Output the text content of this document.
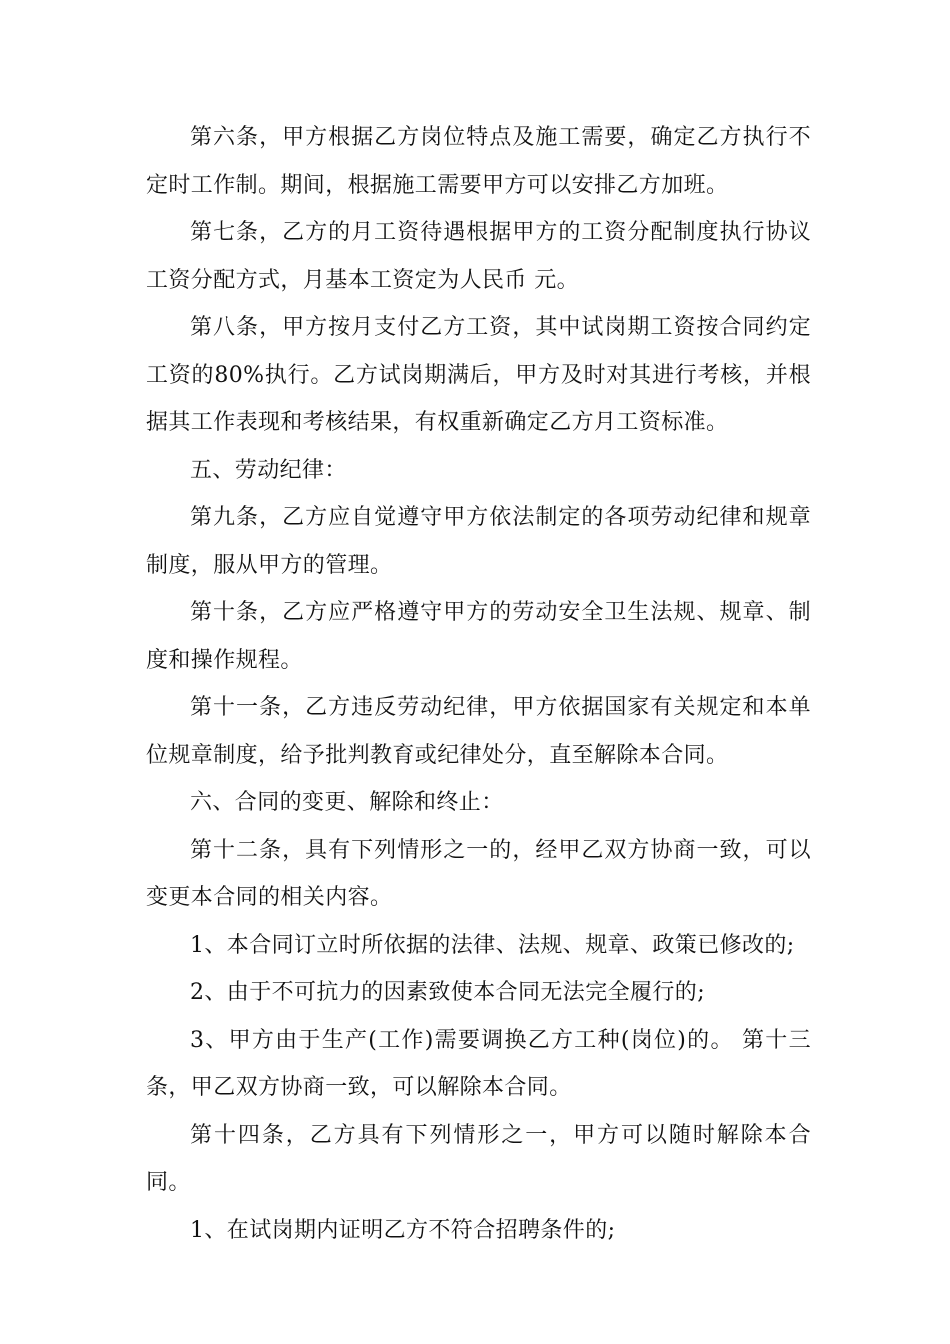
第六条，甲方根据乙方岗位特点及施工需要，确定乙方执行不定时工作制。期间，根据施工需要甲方可以安排乙方加班。

第七条，乙方的月工资待遇根据甲方的工资分配制度执行协议工资分配方式，月基本工资定为人民币 元。

第八条，甲方按月支付乙方工资，其中试岗期工资按合同约定工资的80%执行。乙方试岗期满后，甲方及时对其进行考核，并根据其工作表现和考核结果，有权重新确定乙方月工资标准。

五、劳动纪律：

第九条，乙方应自觉遵守甲方依法制定的各项劳动纪律和规章制度，服从甲方的管理。

第十条，乙方应严格遵守甲方的劳动安全卫生法规、规章、制度和操作规程。

第十一条，乙方违反劳动纪律，甲方依据国家有关规定和本单位规章制度，给予批判教育或纪律处分，直至解除本合同。

六、合同的变更、解除和终止：

第十二条，具有下列情形之一的，经甲乙双方协商一致，可以变更本合同的相关内容。

1、本合同订立时所依据的法律、法规、规章、政策已修改的;

2、由于不可抗力的因素致使本合同无法完全履行的;

3、甲方由于生产(工作)需要调换乙方工种(岗位)的。 第十三条，甲乙双方协商一致，可以解除本合同。

第十四条，乙方具有下列情形之一，甲方可以随时解除本合同。

1、在试岗期内证明乙方不符合招聘条件的;
